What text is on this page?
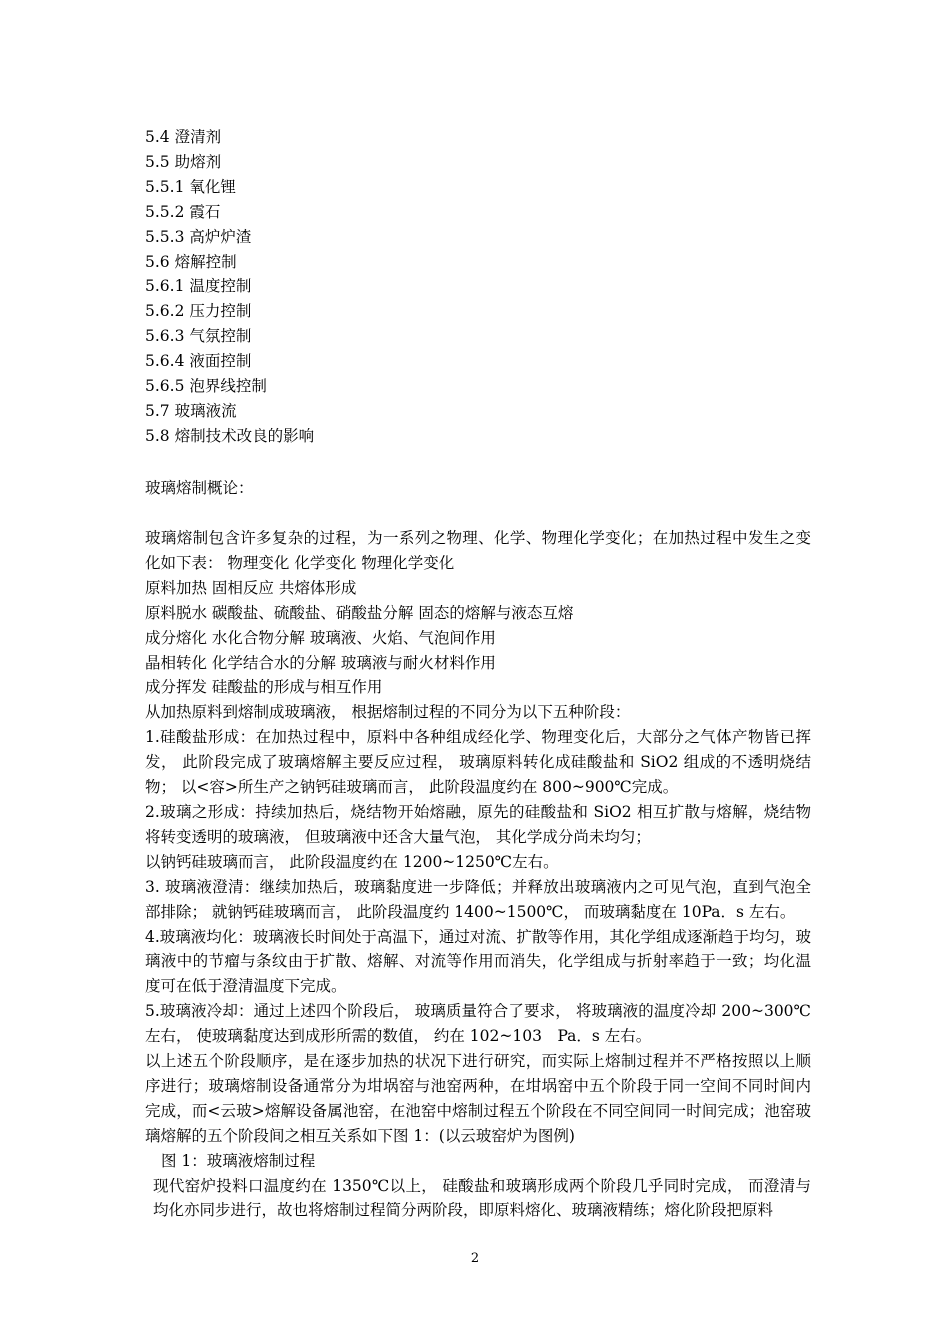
5.4 澄清剂
5.5 助熔剂
5.5.1 氧化锂
5.5.2 霞石
5.5.3 高炉炉渣
5.6 熔解控制
5.6.1 温度控制
5.6.2 压力控制
5.6.3 气氛控制
5.6.4 液面控制
5.6.5 泡界线控制
5.7 玻璃液流
5.8 熔制技术改良的影响
玻璃熔制概论：

玻璃熔制包含许多复杂的过程，为一系列之物理、化学、物理化学变化；在加热过程中发生之变化如下表： 物理变化 化学变化 物理化学变化

原料加热 固相反应 共熔体形成

原料脱水 碳酸盐、硫酸盐、硝酸盐分解 固态的熔解与液态互熔

成分熔化 水化合物分解 玻璃液、火焰、气泡间作用

晶相转化 化学结合水的分解 玻璃液与耐火材料作用

成分挥发 硅酸盐的形成与相互作用

从加热原料到熔制成玻璃液， 根据熔制过程的不同分为以下五种阶段：

1.硅酸盐形成：在加热过程中，原料中各种组成经化学、物理变化后，大部分之气体产物皆已挥发， 此阶段完成了玻璃熔解主要反应过程， 玻璃原料转化成硅酸盐和 SiO2 组成的不透明烧结物； 以<容>所生产之钠钙硅玻璃而言， 此阶段温度约在 800~900℃完成。

2.玻璃之形成：持续加热后，烧结物开始熔融，原先的硅酸盐和 SiO2 相互扩散与熔解，烧结物将转变透明的玻璃液， 但玻璃液中还含大量气泡， 其化学成分尚未均匀；

以钠钙硅玻璃而言， 此阶段温度约在 1200~1250℃左右。

3. 玻璃液澄清：继续加热后，玻璃黏度进一步降低；并释放出玻璃液内之可见气泡，直到气泡全部排除； 就钠钙硅玻璃而言， 此阶段温度约 1400~1500℃， 而玻璃黏度在 10Pa．s 左右。

4.玻璃液均化：玻璃液长时间处于高温下，通过对流、扩散等作用，其化学组成逐渐趋于均匀，玻璃液中的节瘤与条纹由于扩散、熔解、对流等作用而消失，化学组成与折射率趋于一致；均化温度可在低于澄清温度下完成。

5.玻璃液冷却：通过上述四个阶段后， 玻璃质量符合了要求， 将玻璃液的温度冷却 200~300℃左右， 使玻璃黏度达到成形所需的数值， 约在 102~103　Pa．s 左右。

以上述五个阶段顺序，是在逐步加热的状况下进行研究，而实际上熔制过程并不严格按照以上顺序进行；玻璃熔制设备通常分为坩埚窑与池窑两种，在坩埚窑中五个阶段于同一空间不同时间内完成，而<云玻>熔解设备属池窑，在池窑中熔制过程五个阶段在不同空间同一时间完成；池窑玻璃熔解的五个阶段间之相互关系如下图 1：(以云玻窑炉为图例)

图 1：玻璃液熔制过程

现代窑炉投料口温度约在 1350℃以上， 硅酸盐和玻璃形成两个阶段几乎同时完成， 而澄清与均化亦同步进行，故也将熔制过程简分两阶段，即原料熔化、玻璃液精练；熔化阶段把原料

2
